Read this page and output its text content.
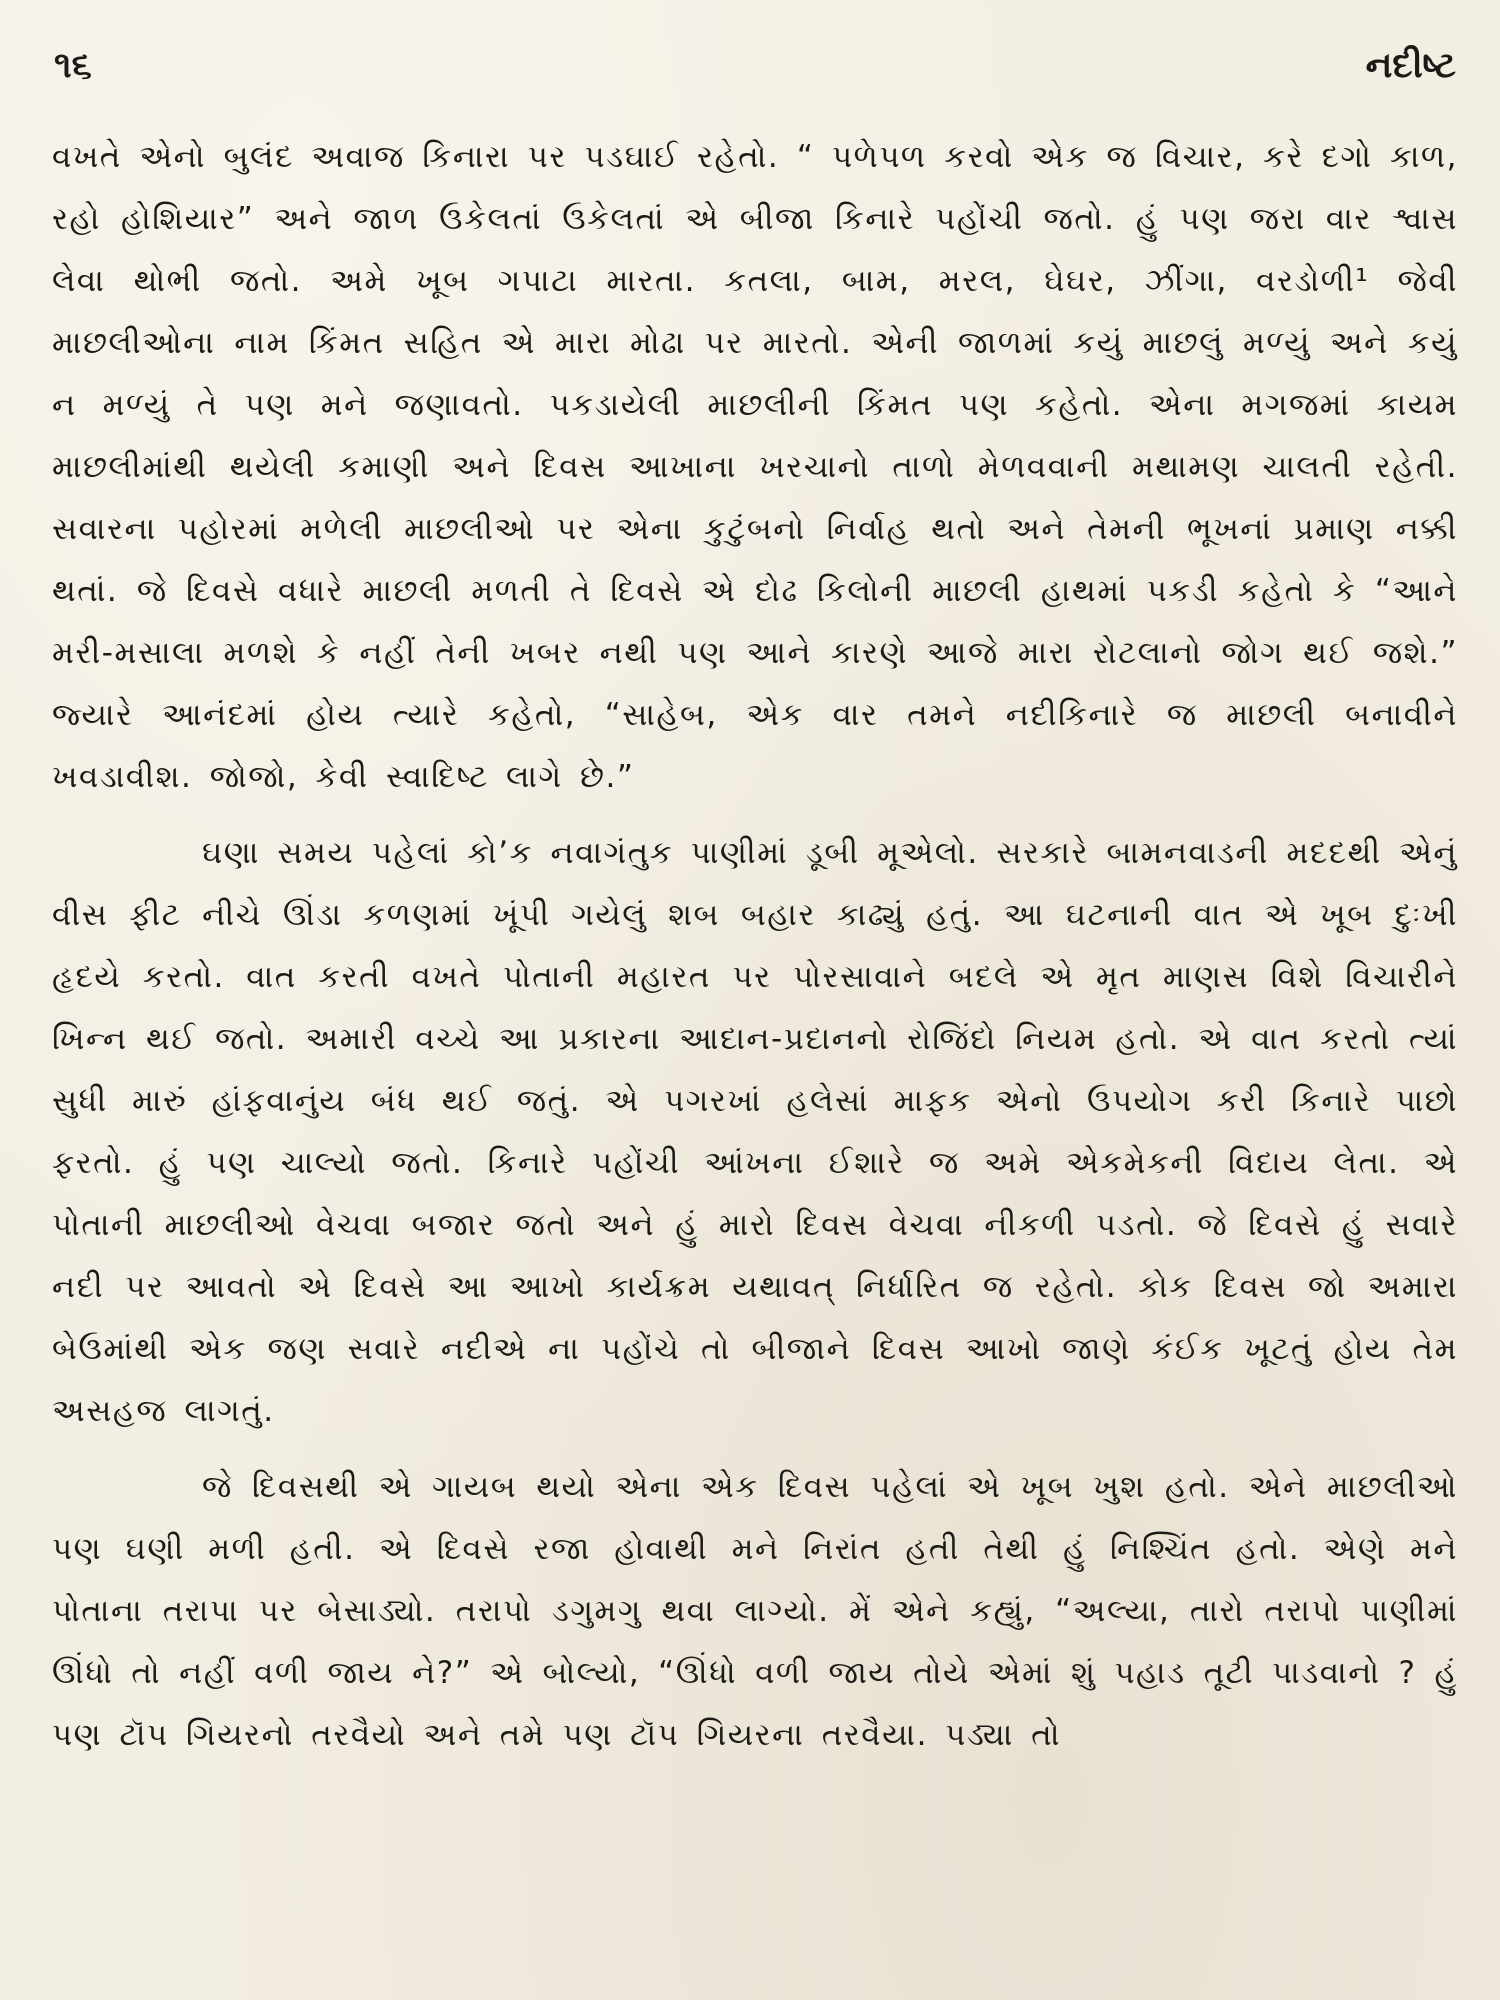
૧૬	નદીષ્ટ

વખતે એનો બુલંદ અવાજ કિનારા પર પડઘાઈ રહેતો. “ પળેપળ કરવો એક જ વિચાર, કરે દગો કાળ, રહો હોશિયાર” અને જાળ ઉકેલતાં ઉકેલતાં એ બીજા કિનારે પહોંચી જતો. હું પણ જરા વાર શ્વાસ લેવા થોભી જતો. અમે ખૂબ ગપાટા મારતા. કતલા, બામ, મરલ, ઘેઘર, ઝીંગા, વરડોળી¹ જેવી માછલીઓના નામ કિંમત સહિત એ મારા મોઢા પર મારતો. એની જાળમાં કયું માછલું મળ્યું અને કયું ન મળ્યું તે પણ મને જણાવતો. પકડાયેલી માછલીની કિંમત પણ કહેતો. એના મગજમાં કાયમ માછલીમાંથી થયેલી કમાણી અને દિવસ આખાના ખરચાનો તાળો મેળવવાની મથામણ ચાલતી રહેતી. સવારના પહોરમાં મળેલી માછલીઓ પર એના કુટુંબનો નિર્વાહ થતો અને તેમની ભૂખનાં પ્રમાણ નક્કી થતાં. જે દિવસે વધારે માછલી મળતી તે દિવસે એ દોઢ કિલોની માછલી હાથમાં પકડી કહેતો કે “આને મરી-મસાલા મળશે કે નહીં તેની ખબર નથી પણ આને કારણે આજે મારા રોટલાનો જોગ થઈ જશે.” જ્યારે આનંદમાં હોય ત્યારે કહેતો, “સાહેબ, એક વાર તમને નદીકિનારે જ માછલી બનાવીને ખવડાવીશ. જોજો, કેવી સ્વાદિષ્ટ લાગે છે.”

ઘણા સમય પહેલાં કો’ક નવાગંતુક પાણીમાં ડૂબી મૂએલો. સરકારે બામનવાડની મદદથી એનું વીસ ફીટ નીચે ઊંડા કળણમાં ખૂંપી ગયેલું શબ બહાર કાઢ્યું હતું. આ ઘટનાની વાત એ ખૂબ દુઃખી હૃદયે કરતો. વાત કરતી વખતે પોતાની મહારત પર પોરસાવાને બદલે એ મૃત માણસ વિશે વિચારીને ખિન્ન થઈ જતો. અમારી વચ્ચે આ પ્રકારના આદાન-પ્રદાનનો રોજિંદો નિયમ હતો. એ વાત કરતો ત્યાં સુધી મારું હાંફવાનુંય બંધ થઈ જતું. એ પગરખાં હલેસાં માફક એનો ઉપયોગ કરી કિનારે પાછો ફરતો. હું પણ ચાલ્યો જતો. કિનારે પહોંચી આંખના ઈશારે જ અમે એકમેકની વિદાય લેતા. એ પોતાની માછલીઓ વેચવા બજાર જતો અને હું મારો દિવસ વેચવા નીકળી પડતો. જે દિવસે હું સવારે નદી પર આવતો એ દિવસે આ આખો કાર્યક્રમ યથાવત્ નિર્ધારિત જ રહેતો. કોક દિવસ જો અમારા બેઉમાંથી એક જણ સવારે નદીએ ના પહોંચે તો બીજાને દિવસ આખો જાણે કંઈક ખૂટતું હોય તેમ અસહજ લાગતું.

જે દિવસથી એ ગાયબ થયો એના એક દિવસ પહેલાં એ ખૂબ ખુશ હતો. એને માછલીઓ પણ ઘણી મળી હતી. એ દિવસે રજા હોવાથી મને નિરાંત હતી તેથી હું નિશ્ચિંત હતો. એણે મને પોતાના તરાપા પર બેસાડ્યો. તરાપો ડગુમગુ થવા લાગ્યો. મેં એને કહ્યું, “અલ્યા, તારો તરાપો પાણીમાં ઊંધો તો નહીં વળી જાય ને?” એ બોલ્યો, “ઊંધો વળી જાય તોયે એમાં શું પહાડ તૂટી પાડવાનો ? હું પણ ટૉપ ગિયરનો તરવૈયો અને તમે પણ ટૉપ ગિયરના તરવૈયા. પડ્યા તો
